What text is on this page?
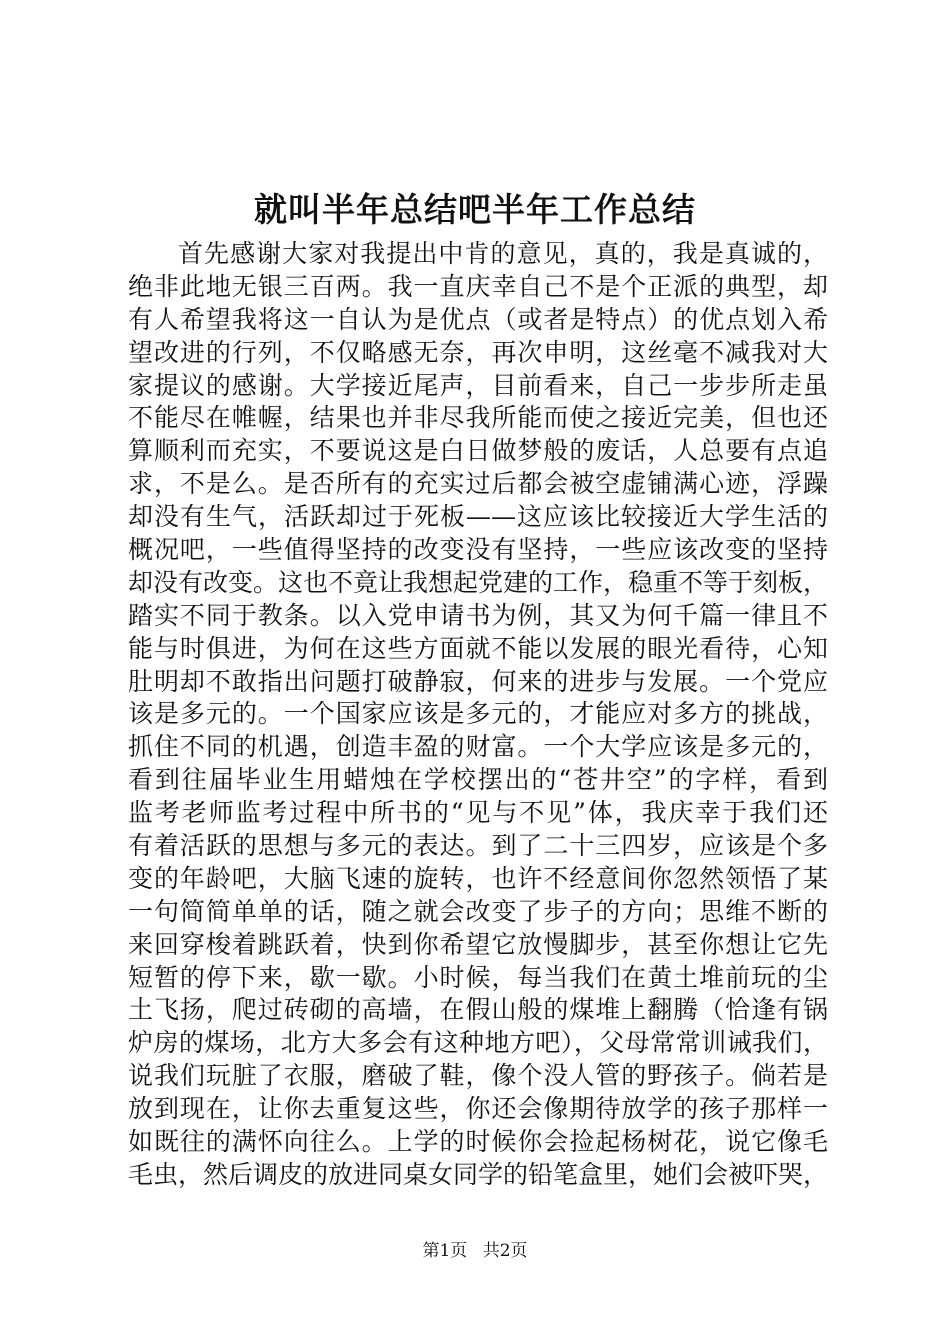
就叫半年总结吧半年工作总结
首先感谢大家对我提出中肯的意见，真的，我是真诚的，
绝非此地无银三百两。我一直庆幸自己不是个正派的典型，却
有人希望我将这一自认为是优点（或者是特点）的优点划入希
望改进的行列，不仅略感无奈，再次申明，这丝毫不减我对大
家提议的感谢。大学接近尾声，目前看来，自己一步步所走虽
不能尽在帷幄，结果也并非尽我所能而使之接近完美，但也还
算顺利而充实，不要说这是白日做梦般的废话，人总要有点追
求，不是么。是否所有的充实过后都会被空虚铺满心迹，浮躁
却没有生气，活跃却过于死板——这应该比较接近大学生活的
概况吧，一些值得坚持的改变没有坚持，一些应该改变的坚持
却没有改变。这也不竟让我想起党建的工作，稳重不等于刻板，
踏实不同于教条。以入党申请书为例，其又为何千篇一律且不
能与时俱进，为何在这些方面就不能以发展的眼光看待，心知
肚明却不敢指出问题打破静寂，何来的进步与发展。一个党应
该是多元的。一个国家应该是多元的，才能应对多方的挑战，
抓住不同的机遇，创造丰盈的财富。一个大学应该是多元的，
看到往届毕业生用蜡烛在学校摆出的“苍井空”的字样，看到
监考老师监考过程中所书的“见与不见”体，我庆幸于我们还
有着活跃的思想与多元的表达。到了二十三四岁，应该是个多
变的年龄吧，大脑飞速的旋转，也许不经意间你忽然领悟了某
一句简简单单的话，随之就会改变了步子的方向；思维不断的
来回穿梭着跳跃着，快到你希望它放慢脚步，甚至你想让它先
短暂的停下来，歇一歇。小时候，每当我们在黄土堆前玩的尘
土飞扬，爬过砖砌的高墙，在假山般的煤堆上翻腾（恰逢有锅
炉房的煤场，北方大多会有这种地方吧），父母常常训诫我们，
说我们玩脏了衣服，磨破了鞋，像个没人管的野孩子。倘若是
放到现在，让你去重复这些，你还会像期待放学的孩子那样一
如既往的满怀向往么。上学的时候你会捡起杨树花，说它像毛
毛虫，然后调皮的放进同桌女同学的铅笔盒里，她们会被吓哭，
第1页 共2页
